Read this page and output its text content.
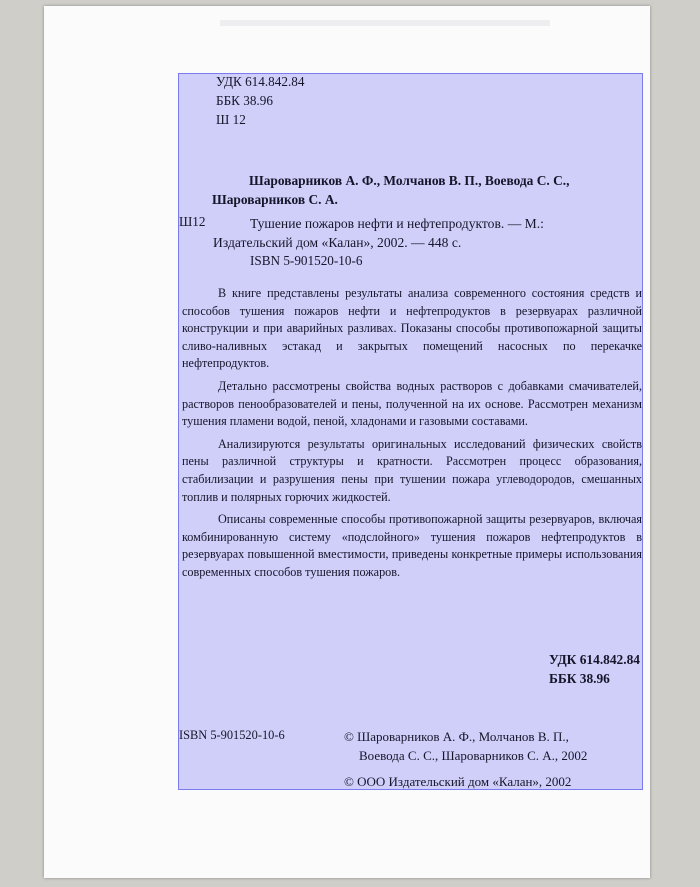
УДК 614.842.84
ББК 38.96
Ш 12
Шароварников А. Ф., Молчанов В. П., Воевода С. С.,
Шароварников С. А.
Ш12	Тушение пожаров нефти и нефтепродуктов. — М.:
Издательский дом «Калан», 2002. — 448 с.
ISBN 5-901520-10-6

В книге представлены результаты анализа современного состояния средств и способов тушения пожаров нефти и нефтепродуктов в резервуарах различной конструкции и при аварийных разливах. Показаны способы противопожарной защиты сливо-наливных эстакад и закрытых помещений насосных по перекачке нефтепродуктов.

Детально рассмотрены свойства водных растворов с добавками смачивателей, растворов пенообразователей и пены, полученной на их основе. Рассмотрен механизм тушения пламени водой, пеной, хладонами и газовыми составами.

Анализируются результаты оригинальных исследований физических свойств пены различной структуры и кратности. Рассмотрен процесс образования, стабилизации и разрушения пены при тушении пожара углеводородов, смешанных топлив и полярных горючих жидкостей.

Описаны современные способы противопожарной защиты резервуаров, включая комбинированную систему «подслойного» тушения пожаров нефтепродуктов в резервуарах повышенной вместимости, приведены конкретные примеры использования современных способов тушения пожаров.

УДК 614.842.84
ББК 38.96
ISBN 5-901520-10-6	© Шароварников А. Ф., Молчанов В. П.,
Воевода С. С., Шароварников С. А., 2002
© ООО Издательский дом «Калан», 2002
